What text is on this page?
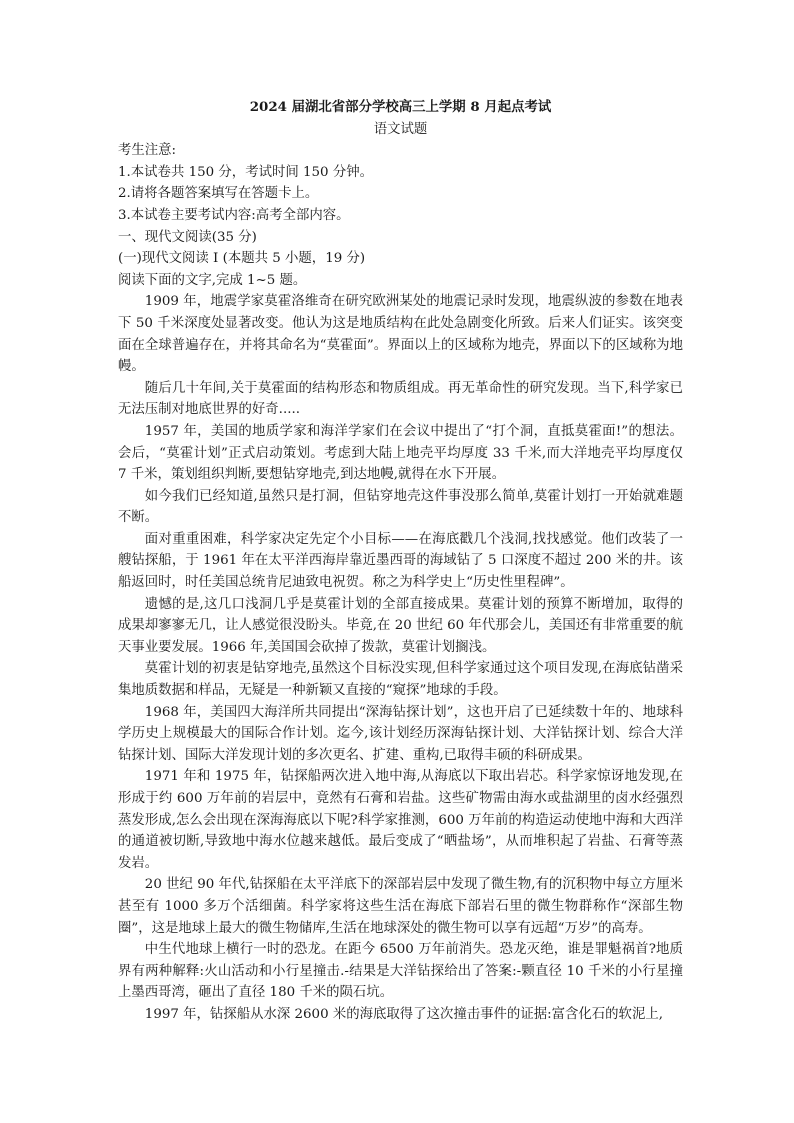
2024 届湖北省部分学校高三上学期 8 月起点考试

语文试题

考生注意:

1.本试卷共 150 分，考试时间 150 分钟。

2.请将各题答案填写在答题卡上。

3.本试卷主要考试内容:高考全部内容。

一、现代文阅读(35 分)

(一)现代文阅读 I (本题共 5 小题，19 分)

阅读下面的文字,完成 1~5 题。

1909 年，地震学家莫霍洛维奇在研究欧洲某处的地震记录时发现，地震纵波的参数在地表下 50 千米深度处显著改变。他认为这是地质结构在此处急剧变化所致。后来人们证实。该突变面在全球普遍存在，并将其命名为“莫霍面”。界面以上的区域称为地壳，界面以下的区域称为地幔。

随后几十年间,关于莫霍面的结构形态和物质组成。再无革命性的研究发现。当下,科学家已无法压制对地底世界的好奇.....

1957 年，美国的地质学家和海洋学家们在会议中提出了“打个洞，直抵莫霍面!”的想法。会后，“莫霍计划”正式启动策划。考虑到大陆上地壳平均厚度 33 千米,而大洋地壳平均厚度仅 7 千米，策划组织判断,要想钻穿地壳,到达地幔,就得在水下开展。

如今我们已经知道,虽然只是打洞，但钻穿地壳这件事没那么简单,莫霍计划打一开始就难题不断。

面对重重困难，科学家决定先定个小目标——在海底戳几个浅洞,找找感觉。他们改装了一艘钻探船，于 1961 年在太平洋西海岸靠近墨西哥的海域钻了 5 口深度不超过 200 米的井。该船返回时，时任美国总统肯尼迪致电祝贺。称之为科学史上“历史性里程碑”。

遗憾的是,这几口浅洞几乎是莫霍计划的全部直接成果。莫霍计划的预算不断增加，取得的成果却寥寥无几，让人感觉很没盼头。毕竟,在 20 世纪 60 年代那会儿，美国还有非常重要的航天事业要发展。1966 年,美国国会砍掉了拨款，莫霍计划搁浅。

莫霍计划的初衷是钻穿地壳,虽然这个目标没实现,但科学家通过这个项目发现,在海底钻凿采集地质数据和样品，无疑是一种新颖又直接的“窥探”地球的手段。

1968 年，美国四大海洋所共同提出“深海钻探计划”，这也开启了已延续数十年的、地球科学历史上规模最大的国际合作计划。迄今,该计划经历深海钻探计划、大洋钻探计划、综合大洋钻探计划、国际大洋发现计划的多次更名、扩建、重构,已取得丰硕的科研成果。

1971 年和 1975 年，钻探船两次进入地中海,从海底以下取出岩芯。科学家惊讶地发现,在形成于约 600 万年前的岩层中，竟然有石膏和岩盐。这些矿物需由海水或盐湖里的卤水经强烈蒸发形成,怎么会出现在深海海底以下呢?科学家推测，600 万年前的构造运动使地中海和大西洋的通道被切断,导致地中海水位越来越低。最后变成了“晒盐场”，从而堆积起了岩盐、石膏等蒸发岩。

20 世纪 90 年代,钻探船在太平洋底下的深部岩层中发现了微生物,有的沉积物中每立方厘米甚至有 1000 多万个活细菌。科学家将这些生活在海底下部岩石里的微生物群称作“深部生物圈”，这是地球上最大的微生物储库,生活在地球深处的微生物可以享有远超“万岁”的高寿。

中生代地球上横行一时的恐龙。在距今 6500 万年前消失。恐龙灭绝，谁是罪魁祸首?地质界有两种解释:火山活动和小行星撞击.-结果是大洋钻探给出了答案:-颗直径 10 千米的小行星撞上墨西哥湾，砸出了直径 180 千米的陨石坑。

1997 年，钻探船从水深 2600 米的海底取得了这次撞击事件的证据:富含化石的软泥上,
